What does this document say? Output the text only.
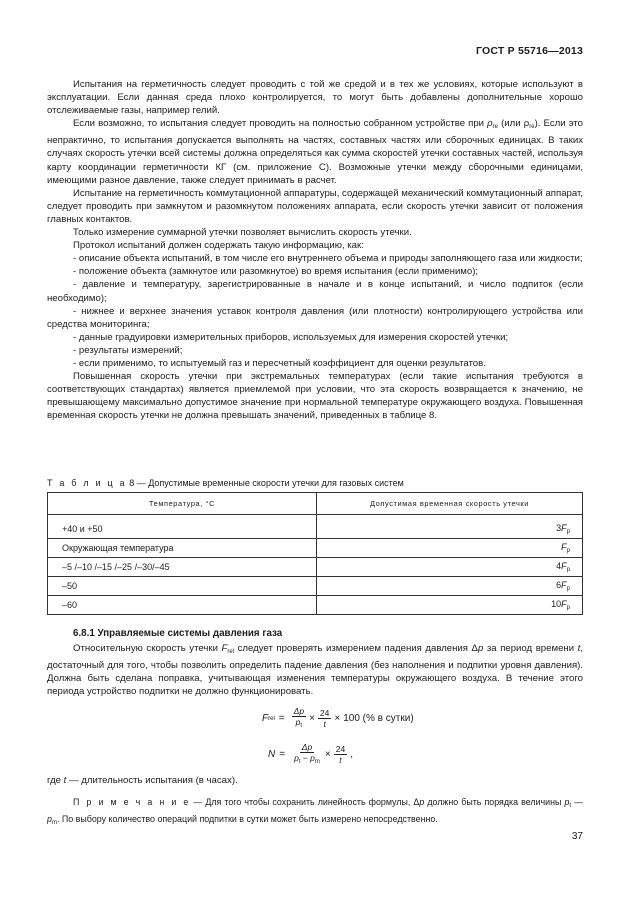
ГОСТ Р 55716—2013

Испытания на герметичность следует проводить с той же средой и в тех же условиях, которые используют в эксплуатации. Если данная среда плохо контролируется, то могут быть добавлены дополнительные хорошо отслеживаемые газы, например гелий.

Если возможно, то испытания следует проводить на полностью собранном устройстве при $\rho_{re}$ (или $\rho_{re}$). Если это непрактично, то испытания допускается выполнять на частях, составных частях или сборочных единицах. В таких случаях скорость утечки всей системы должна определяться как сумма скоростей утечки составных частей, используя карту координации герметичности КГ (см. приложение С). Возможные утечки между сборочными единицами, имеющими разное давление, также следует принимать в расчет.

Испытание на герметичность коммутационной аппаратуры, содержащей механический коммутационный аппарат, следует проводить при замкнутом и разомкнутом положениях аппарата, если скорость утечки зависит от положения главных контактов.

Только измерение суммарной утечки позволяет вычислить скорость утечки.

Протокол испытаний должен содержать такую информацию, как:

- описание объекта испытаний, в том числе его внутреннего объема и природы заполняющего газа или жидкости;

- положение объекта (замкнутое или разомкнутое) во время испытания (если применимо);

- давление и температуру, зарегистрированные в начале и в конце испытаний, и число подпиток (если необходимо);

- нижнее и верхнее значения уставок контроля давления (или плотности) контролирующего устройства или средства мониторинга;

- данные градуировки измерительных приборов, используемых для измерения скоростей утечки;

- результаты измерений;

- если применимо, то испытуемый газ и пересчетный коэффициент для оценки результатов.

Повышенная скорость утечки при экстремальных температурах (если такие испытания требуются в соответствующих стандартах) является приемлемой при условии, что эта скорость возвращается к значению, не превышающему максимально допустимое значение при нормальной температуре окружающего воздуха. Повышенная временная скорость утечки не должна превышать значений, приведенных в таблице 8.

Т а б л и ц а 8 — Допустимые временные скорости утечки для газовых систем
Температура, °С	Допустимая временная скорость утечки

+40 и +50	$3F_p$
Окружающая температура	$F_p$
–5 /–10 /–15 /–25 /–30/–45	$4F_p$
–50	$6F_p$
–60	$10F_p$
6.8.1 Управляемые системы давления газа

Относительную скорость утечки $F_{rel}$ следует проверять измерением падения давления Δp за период времени t, достаточный для того, чтобы позволить определить падение давления (без наполнения и подпитки уровня давления). Должна быть сделана поправка, учитывающая изменения температуры окружающего воздуха. В течение этого периода устройство подпитки не должно функционировать.

F rel = $\frac{\Delta p}{p_t} \times \frac{24}{t} \times 100$ (% в сутки)
$N = \frac{\Delta p}{p_t - p_m} \times \frac{24}{t}$ ,
где t — длительность испытания (в часах).
П р и м е ч а н и е — Для того чтобы сохранить линейность формулы, Δp должно быть порядка величины $p_t$ — $p_m$. По выбору количество операций подпитки в сутки может быть измерено непосредственно.
37
